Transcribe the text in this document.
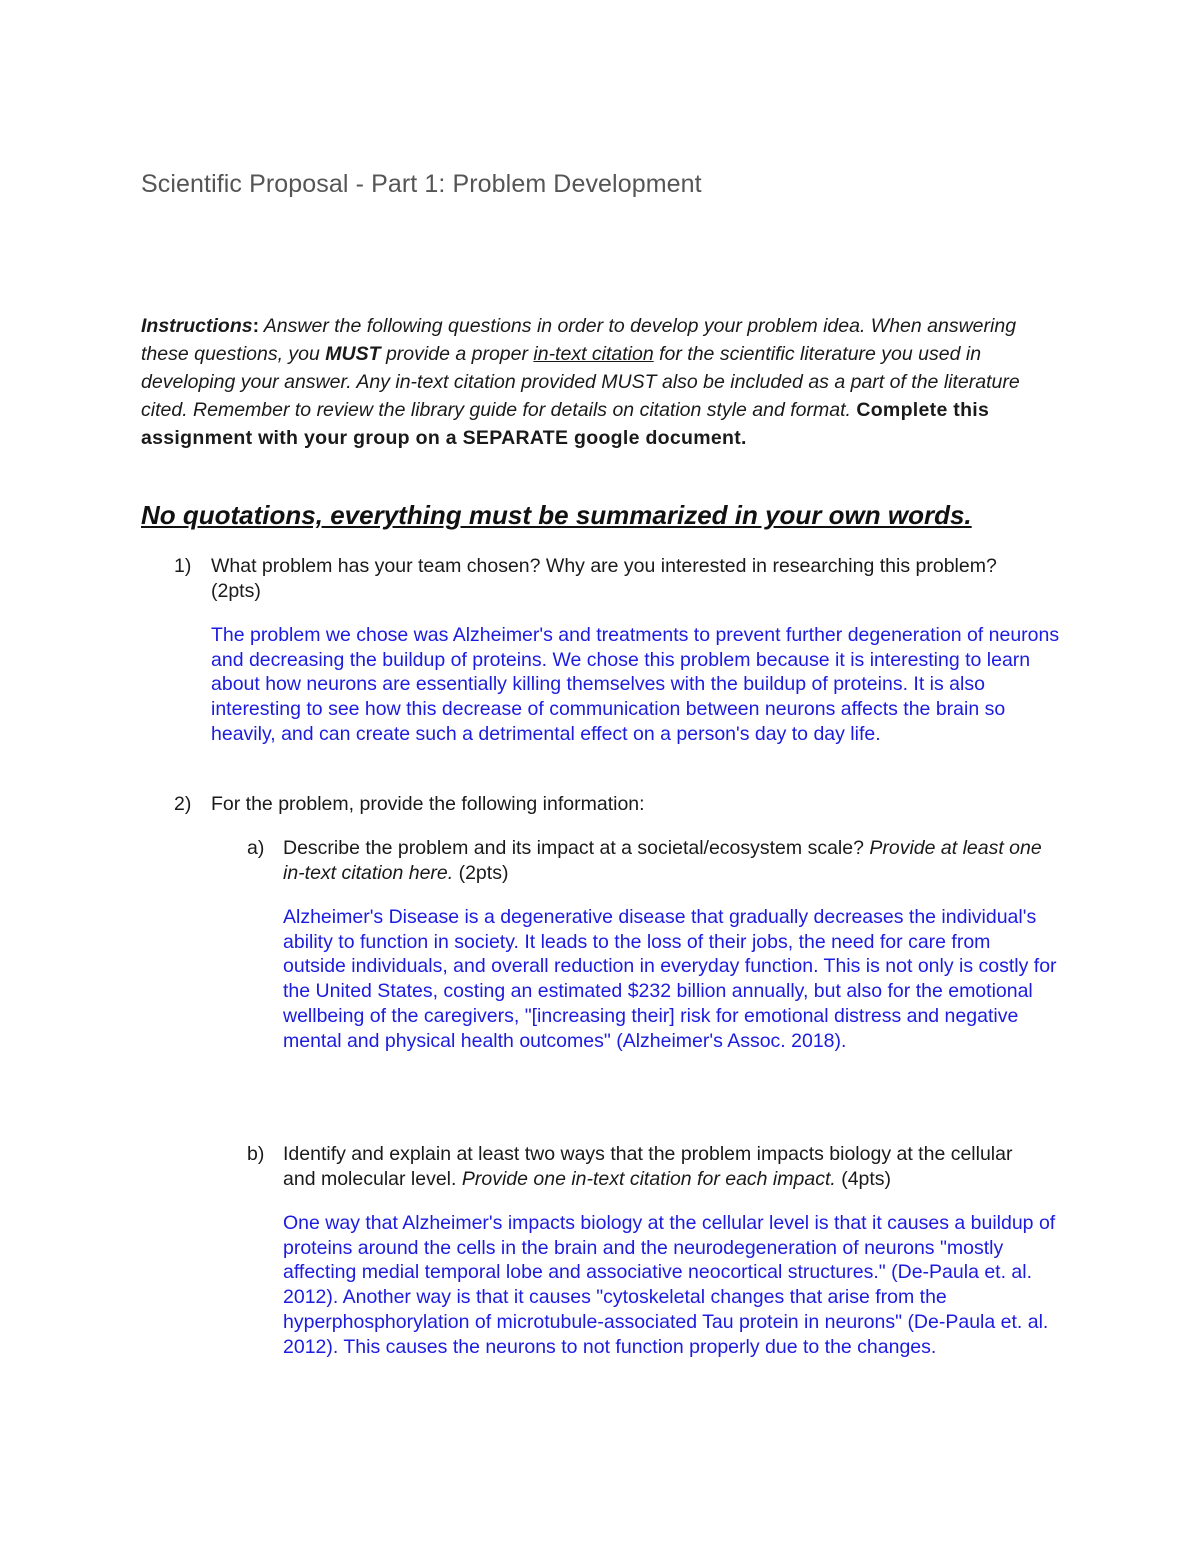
Scientific Proposal - Part 1: Problem Development

Instructions: Answer the following questions in order to develop your problem idea. When answering these questions, you MUST provide a proper in-text citation for the scientific literature you used in developing your answer. Any in-text citation provided MUST also be included as a part of the literature cited. Remember to review the library guide for details on citation style and format. Complete this assignment with your group on a SEPARATE google document.

No quotations, everything must be summarized in your own words.

1) What problem has your team chosen? Why are you interested in researching this problem? (2pts)

The problem we chose was Alzheimer's and treatments to prevent further degeneration of neurons and decreasing the buildup of proteins. We chose this problem because it is interesting to learn about how neurons are essentially killing themselves with the buildup of proteins. It is also interesting to see how this decrease of communication between neurons affects the brain so heavily, and can create such a detrimental effect on a person's day to day life.

2) For the problem, provide the following information:
a) Describe the problem and its impact at a societal/ecosystem scale? Provide at least one in-text citation here. (2pts)

Alzheimer's Disease is a degenerative disease that gradually decreases the individual's ability to function in society. It leads to the loss of their jobs, the need for care from outside individuals, and overall reduction in everyday function. This is not only is costly for the United States, costing an estimated $232 billion annually, but also for the emotional wellbeing of the caregivers, "[increasing their] risk for emotional distress and negative mental and physical health outcomes" (Alzheimer's Assoc. 2018).

b) Identify and explain at least two ways that the problem impacts biology at the cellular and molecular level. Provide one in-text citation for each impact. (4pts)

One way that Alzheimer's impacts biology at the cellular level is that it causes a buildup of proteins around the cells in the brain and the neurodegeneration of neurons "mostly affecting medial temporal lobe and associative neocortical structures." (De-Paula et. al. 2012). Another way is that it causes "cytoskeletal changes that arise from the hyperphosphorylation of microtubule-associated Tau protein in neurons" (De-Paula et. al. 2012). This causes the neurons to not function properly due to the changes.
